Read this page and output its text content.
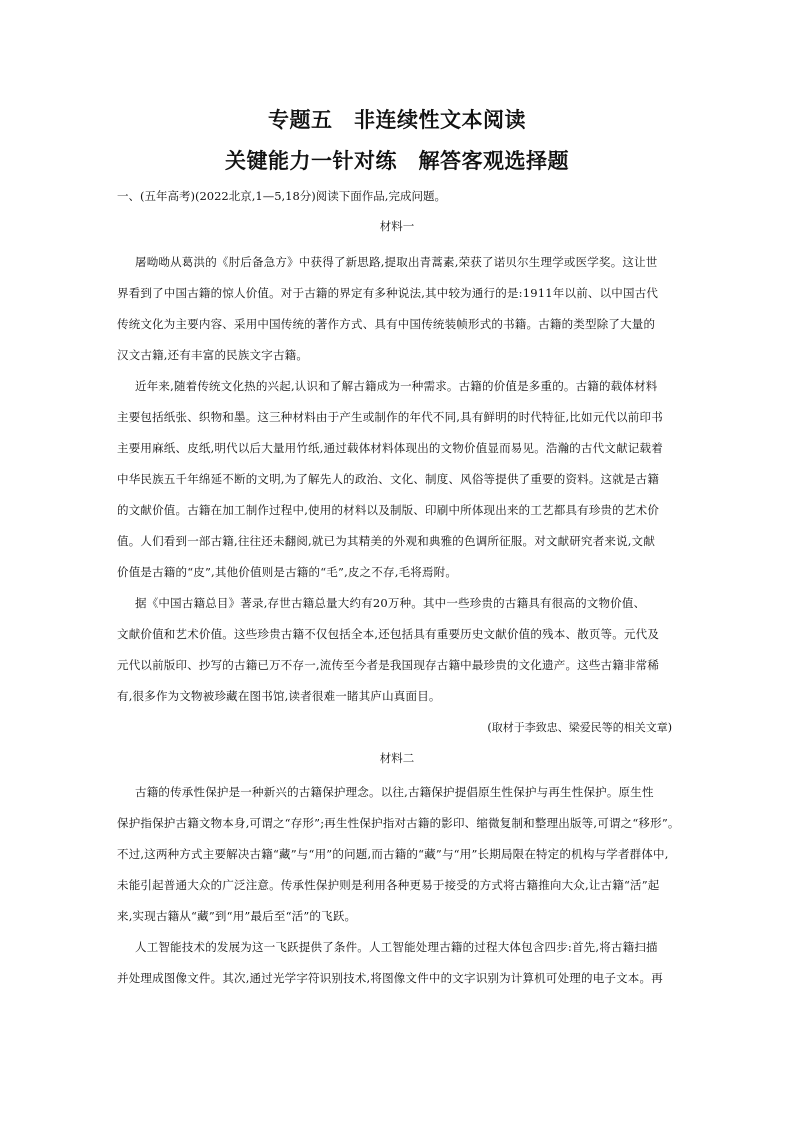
专题五　非连续性文本阅读
关键能力一针对练　解答客观选择题
一、(五年高考)(2022北京,1—5,18分)阅读下面作品,完成问题。
材料一
屠呦呦从葛洪的《肘后备急方》中获得了新思路,提取出青蒿素,荣获了诺贝尔生理学或医学奖。这让世
界看到了中国古籍的惊人价值。对于古籍的界定有多种说法,其中较为通行的是:1911年以前、以中国古代
传统文化为主要内容、采用中国传统的著作方式、具有中国传统装帧形式的书籍。古籍的类型除了大量的
汉文古籍,还有丰富的民族文字古籍。
近年来,随着传统文化热的兴起,认识和了解古籍成为一种需求。古籍的价值是多重的。古籍的载体材料
主要包括纸张、织物和墨。这三种材料由于产生或制作的年代不同,具有鲜明的时代特征,比如元代以前印书
主要用麻纸、皮纸,明代以后大量用竹纸,通过载体材料体现出的文物价值显而易见。浩瀚的古代文献记载着
中华民族五千年绵延不断的文明,为了解先人的政治、文化、制度、风俗等提供了重要的资料。这就是古籍
的文献价值。古籍在加工制作过程中,使用的材料以及制版、印刷中所体现出来的工艺都具有珍贵的艺术价
值。人们看到一部古籍,往往还未翻阅,就已为其精美的外观和典雅的色调所征服。对文献研究者来说,文献
价值是古籍的“皮”,其他价值则是古籍的“毛”,皮之不存,毛将焉附。
据《中国古籍总目》著录,存世古籍总量大约有20万种。其中一些珍贵的古籍具有很高的文物价值、
文献价值和艺术价值。这些珍贵古籍不仅包括全本,还包括具有重要历史文献价值的残本、散页等。元代及
元代以前版印、抄写的古籍已万不存一,流传至今者是我国现存古籍中最珍贵的文化遗产。这些古籍非常稀
有,很多作为文物被珍藏在图书馆,读者很难一睹其庐山真面目。
(取材于李致忠、梁爱民等的相关文章)
材料二
古籍的传承性保护是一种新兴的古籍保护理念。以往,古籍保护提倡原生性保护与再生性保护。原生性
保护指保护古籍文物本身,可谓之“存形”;再生性保护指对古籍的影印、缩微复制和整理出版等,可谓之“移形”。
不过,这两种方式主要解决古籍“藏”与“用”的问题,而古籍的“藏”与“用”长期局限在特定的机构与学者群体中,
未能引起普通大众的广泛注意。传承性保护则是利用各种更易于接受的方式将古籍推向大众,让古籍“活”起
来,实现古籍从“藏”到“用”最后至“活”的飞跃。
人工智能技术的发展为这一飞跃提供了条件。人工智能处理古籍的过程大体包含四步:首先,将古籍扫描
并处理成图像文件。其次,通过光学字符识别技术,将图像文件中的文字识别为计算机可处理的电子文本。再
